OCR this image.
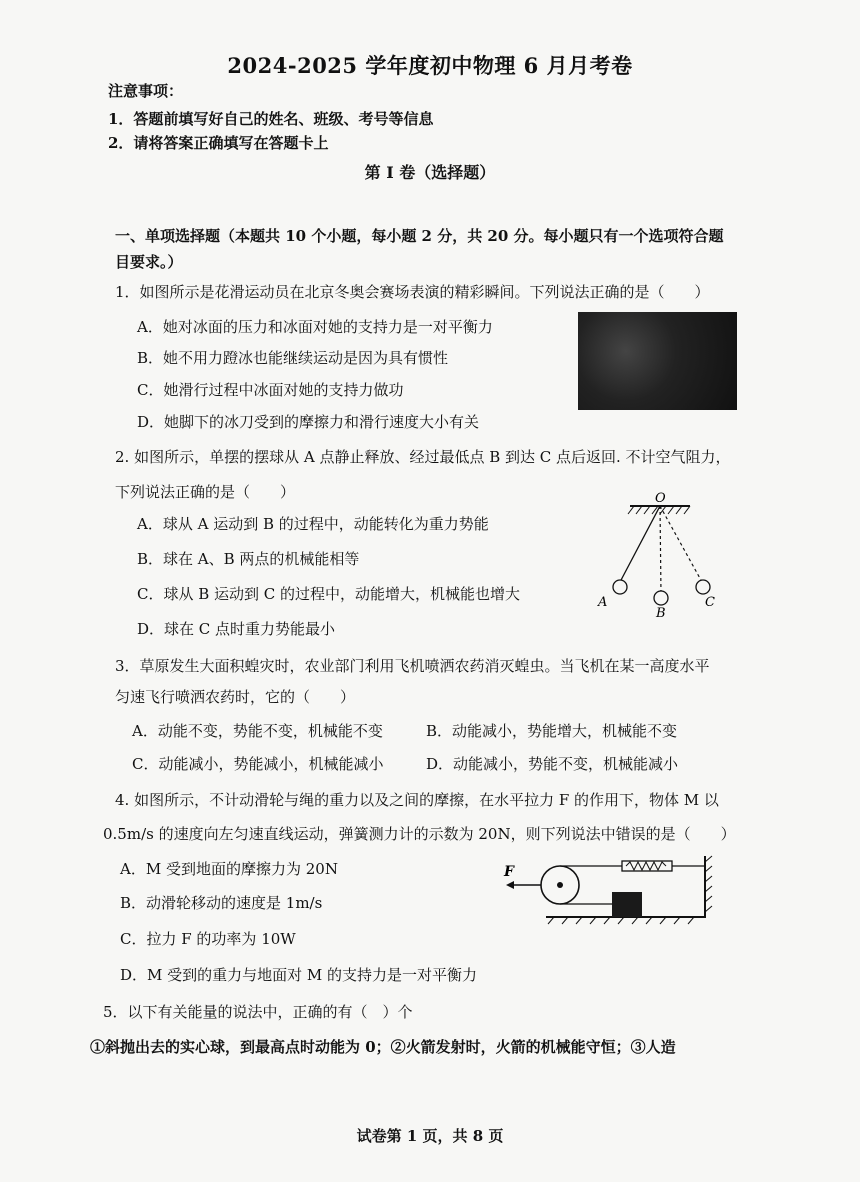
2024-2025 学年度初中物理 6 月月考卷
注意事项：
1．答题前填写好自己的姓名、班级、考号等信息
2．请将答案正确填写在答题卡上
第 I 卷（选择题）
一、单项选择题（本题共 10 个小题，每小题 2 分，共 20 分。每小题只有一个选项符合题
目要求。）
1．如图所示是花滑运动员在北京冬奥会赛场表演的精彩瞬间。下列说法正确的是（　　）
A．她对冰面的压力和冰面对她的支持力是一对平衡力
B．她不用力蹬冰也能继续运动是因为具有惯性
C．她滑行过程中冰面对她的支持力做功
D．她脚下的冰刀受到的摩擦力和滑行速度大小有关
2. 如图所示，单摆的摆球从 A 点静止释放、经过最低点 B 到达 C 点后返回. 不计空气阻力，
下列说法正确的是（　　）
A．球从 A 运动到 B 的过程中，动能转化为重力势能
B．球在 A、B 两点的机械能相等
C．球从 B 运动到 C 的过程中，动能增大，机械能也增大
D．球在 C 点时重力势能最小
O
A
B
C
3．草原发生大面积蝗灾时，农业部门利用飞机喷洒农药消灭蝗虫。当飞机在某一高度水平
匀速飞行喷洒农药时，它的（　　）
A．动能不变，势能不变，机械能不变	B．动能减小，势能增大，机械能不变
C．动能减小，势能减小，机械能减小	D．动能减小，势能不变，机械能减小
4. 如图所示，不计动滑轮与绳的重力以及之间的摩擦，在水平拉力 F 的作用下，物体 M 以
0.5m/s 的速度向左匀速直线运动，弹簧测力计的示数为 20N，则下列说法中错误的是（　　）
A．M 受到地面的摩擦力为 20N
B．动滑轮移动的速度是 1m/s
C．拉力 F 的功率为 10W
D．M 受到的重力与地面对 M 的支持力是一对平衡力
F
5．以下有关能量的说法中，正确的有（　）个
①斜抛出去的实心球，到最高点时动能为 0；②火箭发射时，火箭的机械能守恒；③人造
试卷第 1 页，共 8 页
